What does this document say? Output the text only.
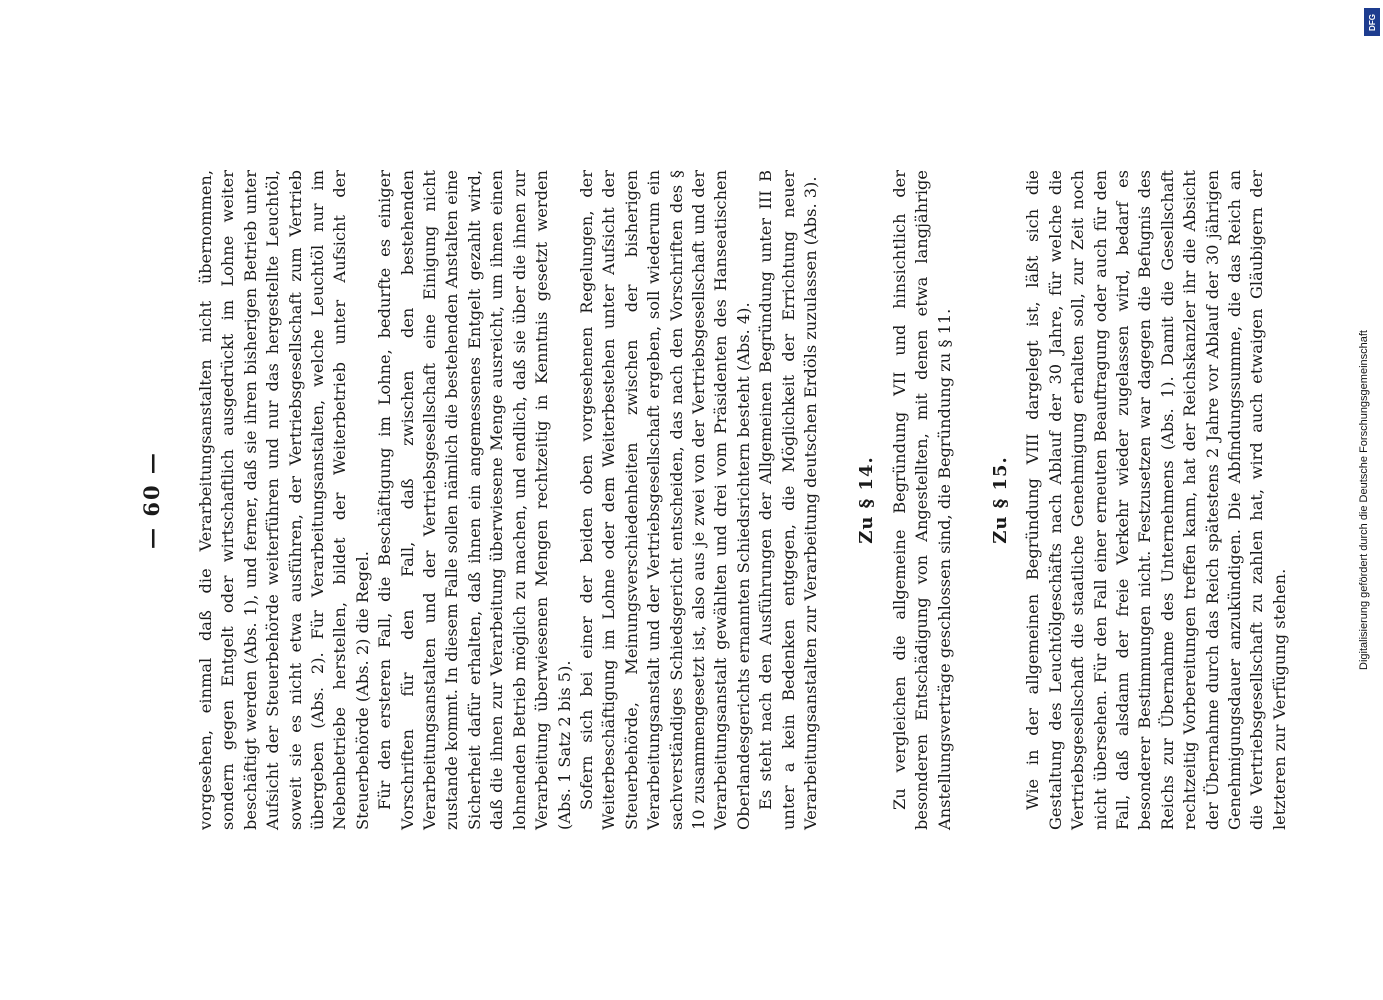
— 60 — vorgesehen, einmal daß die Verarbeitungsanstalten nicht übernommen, sondern gegen Entgelt oder wirtschaftlich ausgedrückt im Lohne weiter beschäftigt werden (Abs. 1), und ferner, daß sie ihren bisherigen Betrieb unter Aufsicht der Steuerbehörde weiterführen und nur das hergestellte Leuchtöl, soweit sie es nicht etwa ausführen, der Vertriebsgesellschaft zum Vertrieb übergeben (Abs. 2). Für Verarbeitungsanstalten, welche Leuchtöl nur im Nebenbetriebe herstellen, bildet der Weiterbetrieb unter Aufsicht der Steuerbehörde (Abs. 2) die Regel. Für den ersteren Fall, die Beschäftigung im Lohne, bedurfte es einiger Vorschriften für den Fall, daß zwischen den bestehenden Verarbeitungsanstalten und der Vertriebsgesellschaft eine Einigung nicht zustande kommt. In diesem Falle sollen nämlich die bestehenden Anstalten eine Sicherheit dafür erhalten, daß ihnen ein angemessenes Entgelt gezahlt wird, daß die ihnen zur Verarbeitung überwiesene Menge ausreicht, um ihnen einen lohnenden Betrieb möglich zu machen, und endlich, daß sie über die ihnen zur Verarbeitung überwiesenen Mengen rechtzeitig in Kenntnis gesetzt werden (Abs. 1 Satz 2 bis 5). Sofern sich bei einer der beiden oben vorgesehenen Regelungen, der Weiterbeschäftigung im Lohne oder dem Weiterbestehen unter Aufsicht der Steuerbehörde, Meinungsverschiedenheiten zwischen der bisherigen Verarbeitungsanstalt und der Vertriebsgesellschaft ergeben, soll wiederum ein sachverständiges Schiedsgericht entscheiden, das nach den Vorschriften des § 10 zusammengesetzt ist, also aus je zwei von der Vertriebsgesellschaft und der Verarbeitungsanstalt gewählten und drei vom Präsidenten des Hanseatischen Oberlandesgerichts ernannten Schiedsrichtern besteht (Abs. 4). Es steht nach den Ausführungen der Allgemeinen Begründung unter III B unter a kein Bedenken entgegen, die Möglichkeit der Errichtung neuer Verarbeitungsanstalten zur Verarbeitung deutschen Erdöls zuzulassen (Abs. 3). Zu § 14. Zu vergleichen die allgemeine Begründung VII und hinsichtlich der besonderen Entschädigung von Angestellten, mit denen etwa langjährige Anstellungsverträge geschlossen sind, die Begründung zu § 11. Zu § 15. Wie in der allgemeinen Begründung VIII dargelegt ist, läßt sich die Gestaltung des Leuchtölgeschäfts nach Ablauf der 30 Jahre, für welche die Vertriebsgesellschaft die staatliche Genehmigung erhalten soll, zur Zeit noch nicht übersehen. Für den Fall einer erneuten Beauftragung oder auch für den Fall, daß alsdann der freie Verkehr wieder zugelassen wird, bedarf es besonderer Bestimmungen nicht. Festzusetzen war dagegen die Befugnis des Reichs zur Übernahme des Unternehmens (Abs. 1). Damit die Gesellschaft rechtzeitig Vorbereitungen treffen kann, hat der Reichskanzler ihr die Absicht der Übernahme durch das Reich spätestens 2 Jahre vor Ablauf der 30 jährigen Genehmigungsdauer anzukündigen. Die Abfindungssumme, die das Reich an die Vertriebsgesellschaft zu zahlen hat, wird auch etwaigen Gläubigern der letzteren zur Verfügung stehen.

Digitalisierung gefördert durch die Deutsche Forschungsgemeinschaft
DFG
